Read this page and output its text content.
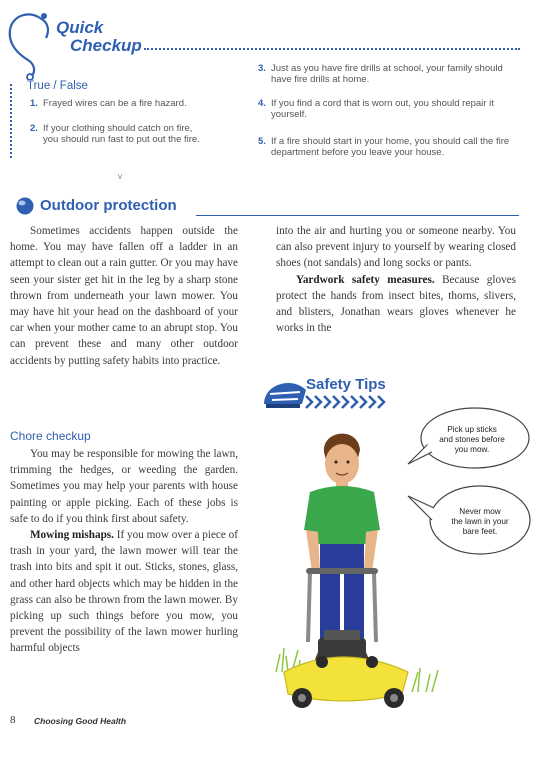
Quick
Checkup
True / False
1. Frayed wires can be a fire hazard.
2. If your clothing should catch on fire, you should run fast to put out the fire.
3. Just as you have fire drills at school, your family should have fire drills at home.
4. If you find a cord that is worn out, you should repair it yourself.
5. If a fire should start in your home, you should call the fire department before you leave your house.
v
Outdoor protection

Sometimes accidents happen outside the home. You may have fallen off a ladder in an attempt to clean out a rain gutter. Or you may have seen your sister get hit in the leg by a sharp stone thrown from underneath your lawn mower. You may have hit your head on the dashboard of your car when your mother came to an abrupt stop. You can prevent these and many other outdoor accidents by putting safety habits into practice.

Chore checkup

You may be responsible for mowing the lawn, trimming the hedges, or weeding the garden. Sometimes you may help your parents with house painting or apple picking. Each of these jobs is safe to do if you think first about safety.

Mowing mishaps. If you mow over a piece of trash in your yard, the lawn mower will tear the trash into bits and spit it out. Sticks, stones, glass, and other hard objects which may be hidden in the grass can also be thrown from the lawn mower. By picking up such things before you mow, you prevent the possibility of the lawn mower hurling harmful objects

into the air and hurting you or someone nearby. You can also prevent injury to yourself by wearing closed shoes (not sandals) and long socks or pants.

Yardwork safety measures. Because gloves protect the hands from insect bites, thorns, slivers, and blisters, Jonathan wears gloves whenever he works in the

Safety Tips
Pick up sticks
and stones before
you mow.
Never mow
the lawn in your
bare feet.
8 Choosing Good Health
